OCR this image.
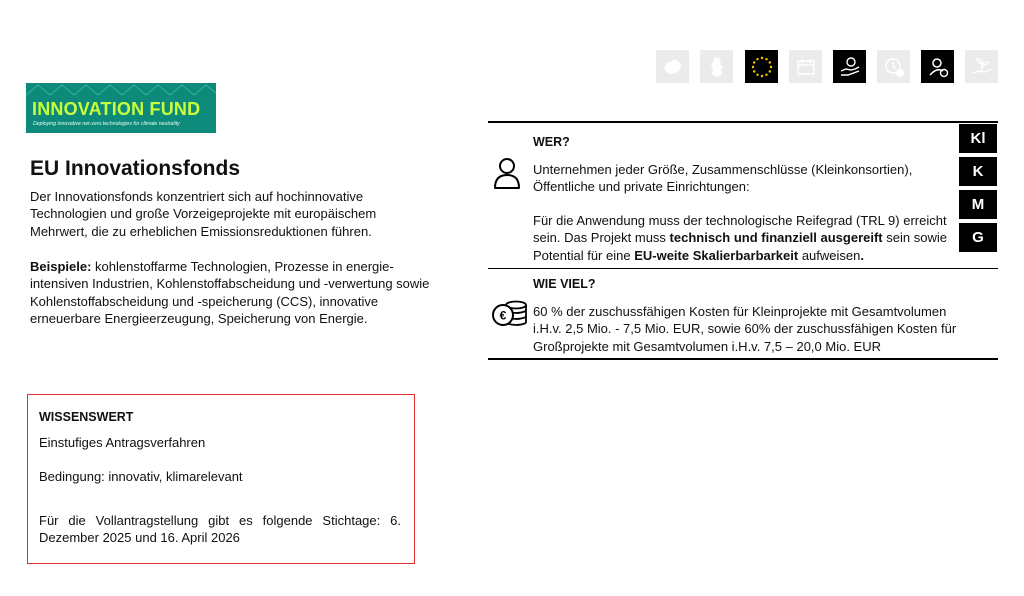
INNOVATION FUND
Deploying innovative net-zero technologies for climate neutrality
EU Innovationsfonds
Der Innovationsfonds konzentriert sich auf hochinnovative Technologien und große Vorzeigeprojekte mit europäischem Mehrwert, die zu erheblichen Emissionsreduktionen führen.
Beispiele: kohlenstoffarme Technologien, Prozesse in energie-intensiven Industrien, Kohlenstoffabscheidung und -verwertung sowie Kohlenstoffabscheidung und -speicherung (CCS), innovative erneuerbare Energieerzeugung, Speicherung von Energie.
WISSENSWERT
Einstufiges Antragsverfahren
Bedingung: innovativ, klimarelevant
Für die Vollantragstellung gibt es folgende Stichtage: 6. Dezember 2025 und 16. April 2026
WER?
Unternehmen jeder Größe, Zusammenschlüsse (Kleinkonsortien), Öffentliche und private Einrichtungen:
Für die Anwendung muss der technologische Reifegrad (TRL 9) erreicht sein. Das Projekt muss technisch und finanziell ausgereift sein sowie Potential für eine EU-weite Skalierbarbarkeit aufweisen.
Kl
K
M
G
WIE VIEL?
€ 60 % der zuschussfähigen Kosten für Kleinprojekte mit Gesamtvolumen i.H.v. 2,5 Mio. - 7,5 Mio. EUR, sowie 60% der zuschussfähigen Kosten für Großprojekte mit Gesamtvolumen i.H.v. 7,5 – 20,0 Mio. EUR
